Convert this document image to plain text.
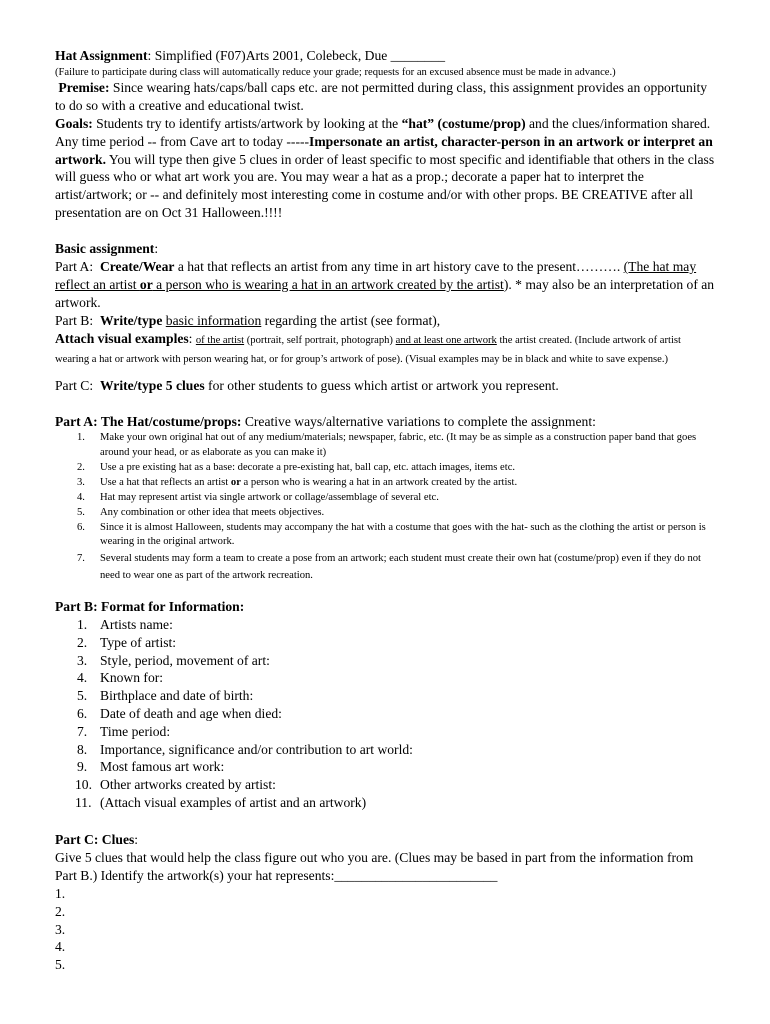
Hat Assignment: Simplified (F07)Arts 2001, Colebeck, Due ________
(Failure to participate during class will automatically reduce your grade; requests for an excused absence must be made in advance.)
Premise: Since wearing hats/caps/ball caps etc. are not permitted during class, this assignment provides an opportunity to do so with a creative and educational twist.
Goals: Students try to identify artists/artwork by looking at the “hat” (costume/prop) and the clues/information shared. Any time period -- from Cave art to today -----Impersonate an artist, character-person in an artwork or interpret an artwork. You will type then give 5 clues in order of least specific to most specific and identifiable that others in the class will guess who or what art work you are. You may wear a hat as a prop.; decorate a paper hat to interpret the artist/artwork; or -- and definitely most interesting come in costume and/or with other props. BE CREATIVE after all presentation are on Oct 31 Halloween.!!!!
Basic assignment:
Part A: Create/Wear a hat that reflects an artist from any time in art history cave to the present………. (The hat may reflect an artist or a person who is wearing a hat in an artwork created by the artist). * may also be an interpretation of an artwork.
Part B: Write/type basic information regarding the artist (see format),
Attach visual examples: of the artist (portrait, self portrait, photograph) and at least one artwork the artist created. (Include artwork of artist wearing a hat or artwork with person wearing hat, or for group’s artwork of pose). (Visual examples may be in black and white to save expense.)
Part C: Write/type 5 clues for other students to guess which artist or artwork you represent.
Part A: The Hat/costume/props: Creative ways/alternative variations to complete the assignment:
1. Make your own original hat out of any medium/materials; newspaper, fabric, etc. (It may be as simple as a construction paper band that goes around your head, or as elaborate as you can make it)
2. Use a pre existing hat as a base: decorate a pre-existing hat, ball cap, etc. attach images, items etc.
3. Use a hat that reflects an artist or a person who is wearing a hat in an artwork created by the artist.
4. Hat may represent artist via single artwork or collage/assemblage of several etc.
5. Any combination or other idea that meets objectives.
6. Since it is almost Halloween, students may accompany the hat with a costume that goes with the hat- such as the clothing the artist or person is wearing in the original artwork.
7. Several students may form a team to create a pose from an artwork; each student must create their own hat (costume/prop) even if they do not need to wear one as part of the artwork recreation.
Part B: Format for Information:
1. Artists name:
2. Type of artist:
3. Style, period, movement of art:
4. Known for:
5. Birthplace and date of birth:
6. Date of death and age when died:
7. Time period:
8. Importance, significance and/or contribution to art world:
9. Most famous art work:
10. Other artworks created by artist:
11. (Attach visual examples of artist and an artwork)
Part C: Clues:
Give 5 clues that would help the class figure out who you are. (Clues may be based in part from the information from Part B.) Identify the artwork(s) your hat represents:________________________
1.
2.
3.
4.
5.
